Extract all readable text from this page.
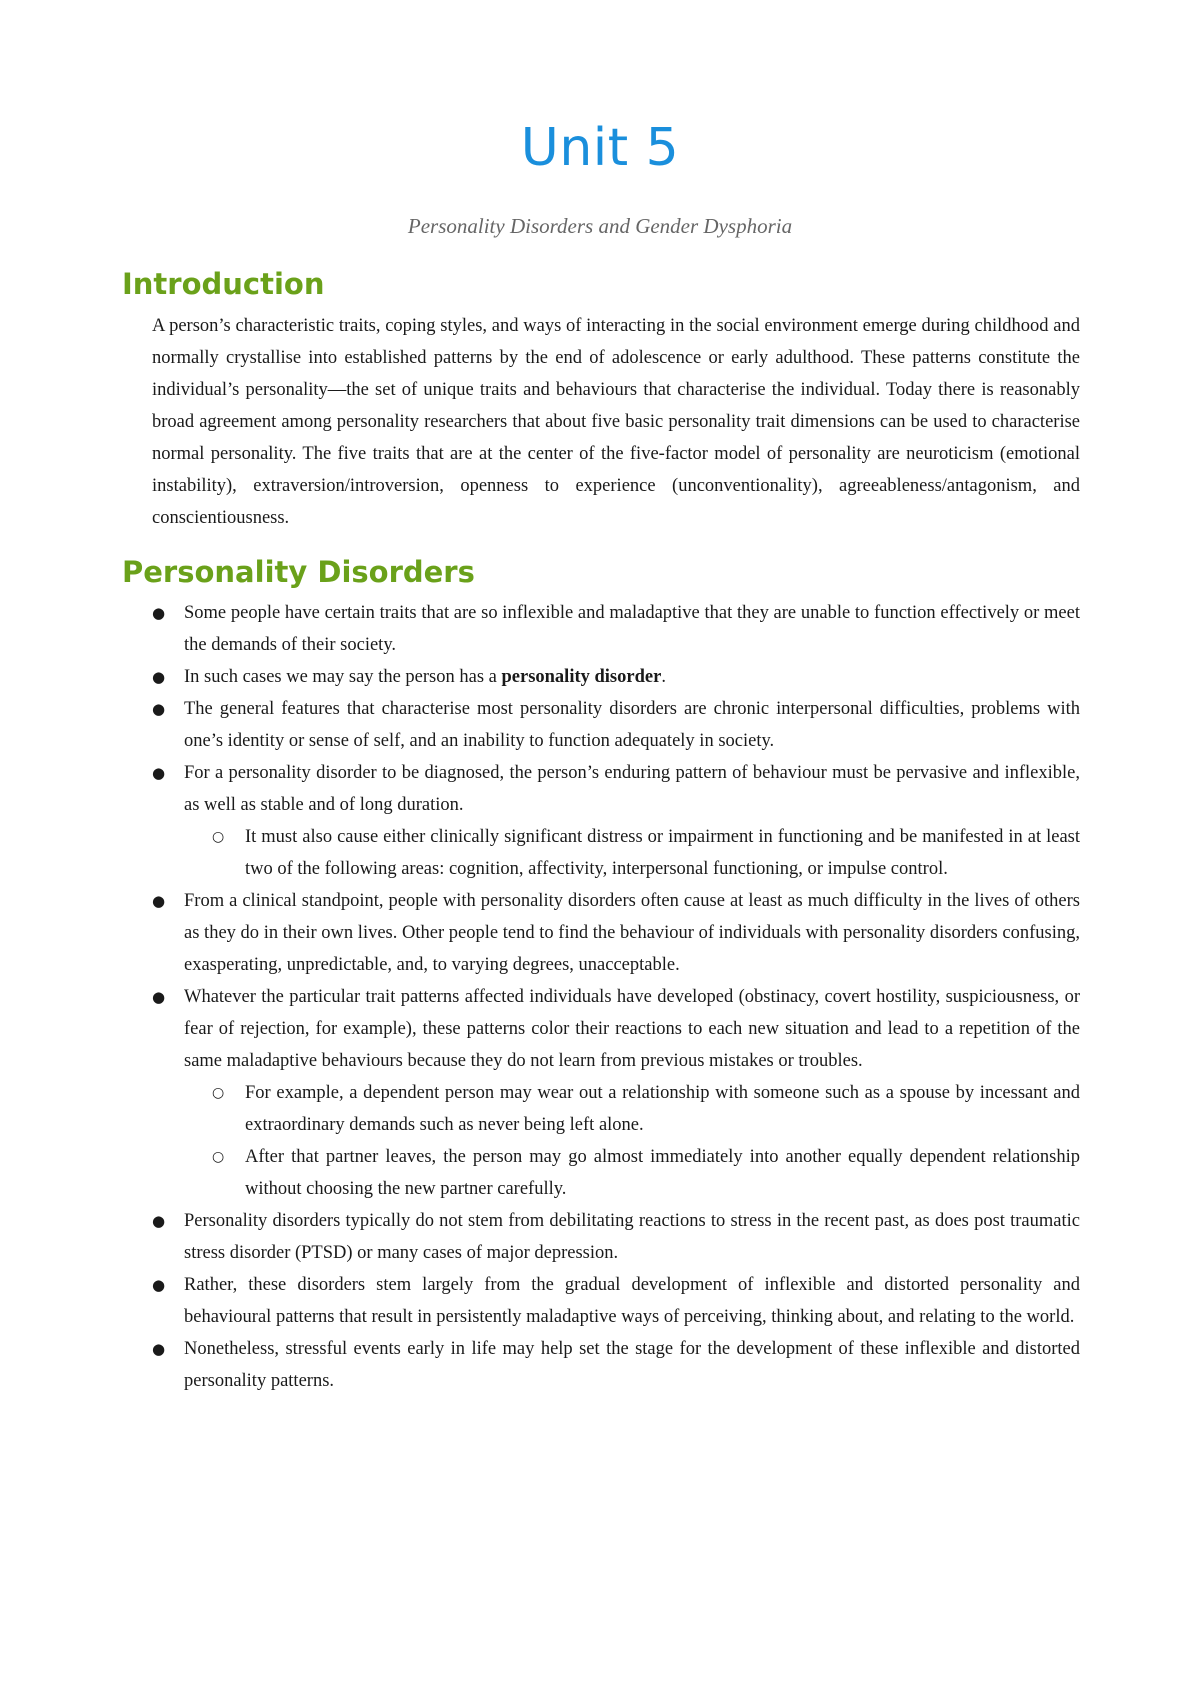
Unit 5
Personality Disorders and Gender Dysphoria
Introduction
A person’s characteristic traits, coping styles, and ways of interacting in the social environment emerge during childhood and normally crystallise into established patterns by the end of adolescence or early adulthood. These patterns constitute the individual’s personality—the set of unique traits and behaviours that characterise the individual. Today there is reasonably broad agreement among personality researchers that about five basic personality trait dimensions can be used to characterise normal personality. The five traits that are at the center of the five-factor model of personality are neuroticism (emotional instability), extraversion/introversion, openness to experience (unconventionality), agreeableness/antagonism, and conscientiousness.
Personality Disorders
●	Some people have certain traits that are so inflexible and maladaptive that they are unable to function effectively or meet the demands of their society.
●	In such cases we may say the person has a personality disorder.
●	The general features that characterise most personality disorders are chronic interpersonal difficulties, problems with one’s identity or sense of self, and an inability to function adequately in society.
●	For a personality disorder to be diagnosed, the person’s enduring pattern of behaviour must be pervasive and inflexible, as well as stable and of long duration.
○	It must also cause either clinically significant distress or impairment in functioning and be manifested in at least two of the following areas: cognition, affectivity, interpersonal functioning, or impulse control.
●	From a clinical standpoint, people with personality disorders often cause at least as much difficulty in the lives of others as they do in their own lives. Other people tend to find the behaviour of individuals with personality disorders confusing, exasperating, unpredictable, and, to varying degrees, unacceptable.
●	Whatever the particular trait patterns affected individuals have developed (obstinacy, covert hostility, suspiciousness, or fear of rejection, for example), these patterns color their reactions to each new situation and lead to a repetition of the same maladaptive behaviours because they do not learn from previous mistakes or troubles.
○	For example, a dependent person may wear out a relationship with someone such as a spouse by incessant and extraordinary demands such as never being left alone.
○	After that partner leaves, the person may go almost immediately into another equally dependent relationship without choosing the new partner carefully.
●	Personality disorders typically do not stem from debilitating reactions to stress in the recent past, as does post traumatic stress disorder (PTSD) or many cases of major depression.
●	Rather, these disorders stem largely from the gradual development of inflexible and distorted personality and behavioural patterns that result in persistently maladaptive ways of perceiving, thinking about, and relating to the world.
●	Nonetheless, stressful events early in life may help set the stage for the development of these inflexible and distorted personality patterns.
